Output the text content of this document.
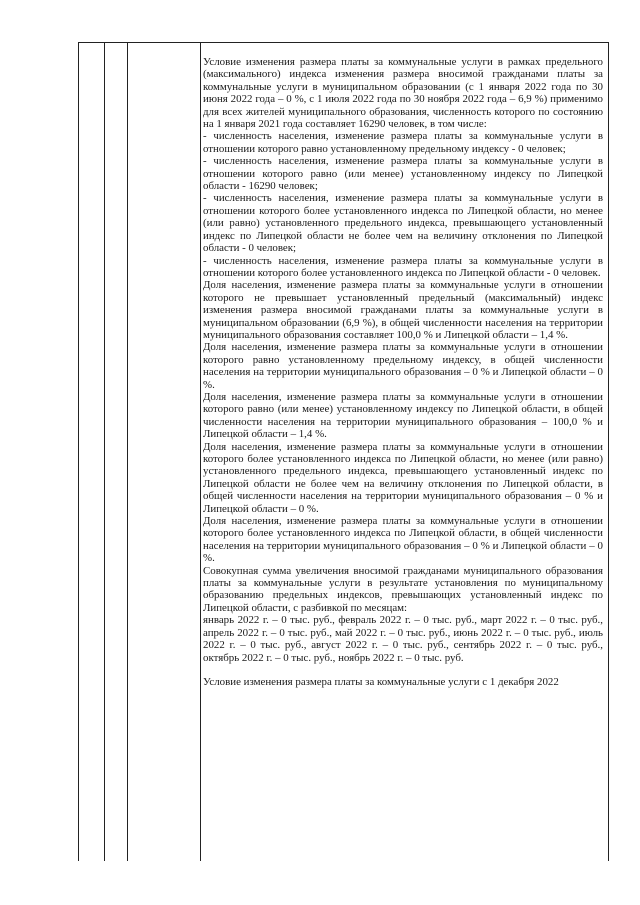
Условие изменения размера платы за коммунальные услуги в рамках предельного (максимального) индекса изменения размера вносимой гражданами платы за коммунальные услуги в муниципальном образовании (с 1 января 2022 года по 30 июня 2022 года – 0 %, с 1 июля 2022 года по 30 ноября 2022 года – 6,9 %) применимо для всех жителей муниципального образования, численность которого по состоянию на 1 января 2021 года составляет 16290 человек, в том числе:

- численность населения, изменение размера платы за коммунальные услуги в отношении которого равно установленному предельному индексу - 0 человек;

- численность населения, изменение размера платы за коммунальные услуги в отношении которого равно (или менее) установленному индексу по Липецкой области - 16290 человек;

- численность населения, изменение размера платы за коммунальные услуги в отношении которого более установленного индекса по Липецкой области, но менее (или равно) установленного предельного индекса, превышающего установленный индекс по Липецкой области не более чем на величину отклонения по Липецкой области - 0 человек;

- численность населения, изменение размера платы за коммунальные услуги в отношении которого более установленного индекса по Липецкой области - 0 человек.

Доля населения, изменение размера платы за коммунальные услуги в отношении которого не превышает установленный предельный (максимальный) индекс изменения размера вносимой гражданами платы за коммунальные услуги в муниципальном образовании (6,9 %), в общей численности населения на территории муниципального образования составляет 100,0 % и Липецкой области – 1,4 %.

Доля населения, изменение размера платы за коммунальные услуги в отношении которого равно установленному предельному индексу, в общей численности населения на территории муниципального образования – 0 % и Липецкой области – 0 %.

Доля населения, изменение размера платы за коммунальные услуги в отношении которого равно (или менее) установленному индексу по Липецкой области, в общей численности населения на территории муниципального образования – 100,0 % и Липецкой области – 1,4 %.

Доля населения, изменение размера платы за коммунальные услуги в отношении которого более установленного индекса по Липецкой области, но менее (или равно) установленного предельного индекса, превышающего установленный индекс по Липецкой области не более чем на величину отклонения по Липецкой области, в общей численности населения на территории муниципального образования – 0 % и Липецкой области – 0 %.

Доля населения, изменение размера платы за коммунальные услуги в отношении которого более установленного индекса по Липецкой области, в общей численности населения на территории муниципального образования – 0 % и Липецкой области – 0 %.

Совокупная сумма увеличения вносимой гражданами муниципального образования платы за коммунальные услуги в результате установления по муниципальному образованию предельных индексов, превышающих установленный индекс по Липецкой области, с разбивкой по месяцам:

январь 2022 г. – 0 тыс. руб., февраль 2022 г. – 0 тыс. руб., март 2022 г. – 0 тыс. руб., апрель 2022 г. – 0 тыс. руб., май 2022 г. – 0 тыс. руб., июнь 2022 г. – 0 тыс. руб., июль 2022 г. – 0 тыс. руб., август 2022 г. – 0 тыс. руб., сентябрь 2022 г. – 0 тыс. руб., октябрь 2022 г. – 0 тыс. руб., ноябрь 2022 г. – 0 тыс. руб.

Условие изменения размера платы за коммунальные услуги с 1 декабря 2022
